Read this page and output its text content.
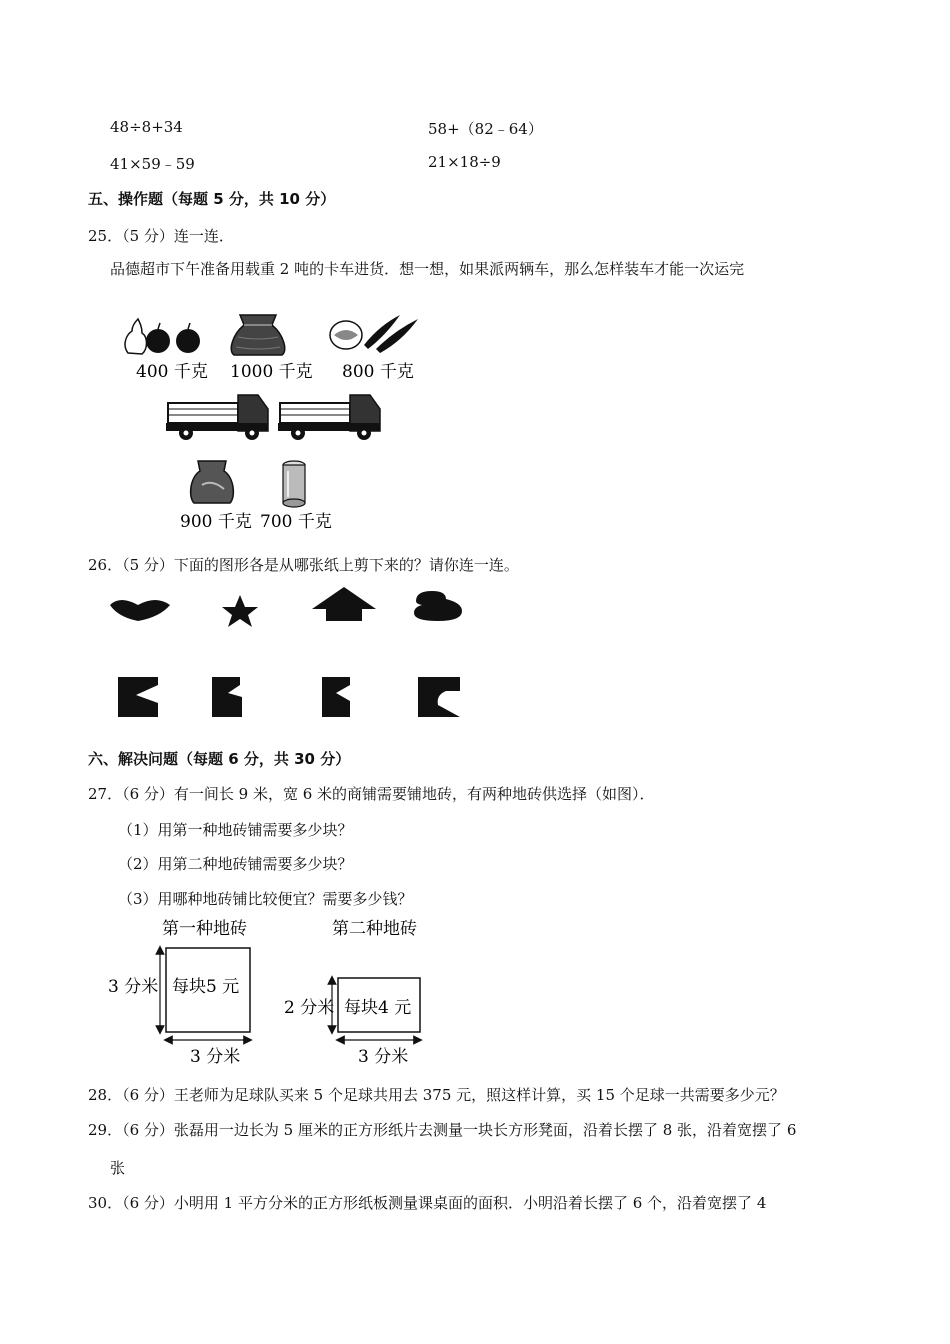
48÷8+34	58+（82﹣64）
41×59﹣59	21×18÷9
五、操作题（每题 5 分，共 10 分）
25．（5 分）连一连．
品德超市下午准备用载重 2 吨的卡车进货．想一想，如果派两辆车，那么怎样装车才能一次运完
400 千克 1000 千克 800 千克
900 千克 700 千克
26．（5 分）下面的图形各是从哪张纸上剪下来的？请你连一连。
六、解决问题（每题 6 分，共 30 分）
27．（6 分）有一间长 9 米，宽 6 米的商铺需要铺地砖，有两种地砖供选择（如图）．
（1）用第一种地砖铺需要多少块？
（2）用第二种地砖铺需要多少块？
（3）用哪种地砖铺比较便宜？需要多少钱？
第一种地砖
3 分米 每块5 元
3 分米
第二种地砖
2 分米 每块4 元
3 分米
28．（6 分）王老师为足球队买来 5 个足球共用去 375 元，照这样计算，买 15 个足球一共需要多少元？
29．（6 分）张磊用一边长为 5 厘米的正方形纸片去测量一块长方形凳面，沿着长摆了 8 张，沿着宽摆了 6
张
30．（6 分）小明用 1 平方分米的正方形纸板测量课桌面的面积．小明沿着长摆了 6 个，沿着宽摆了 4
